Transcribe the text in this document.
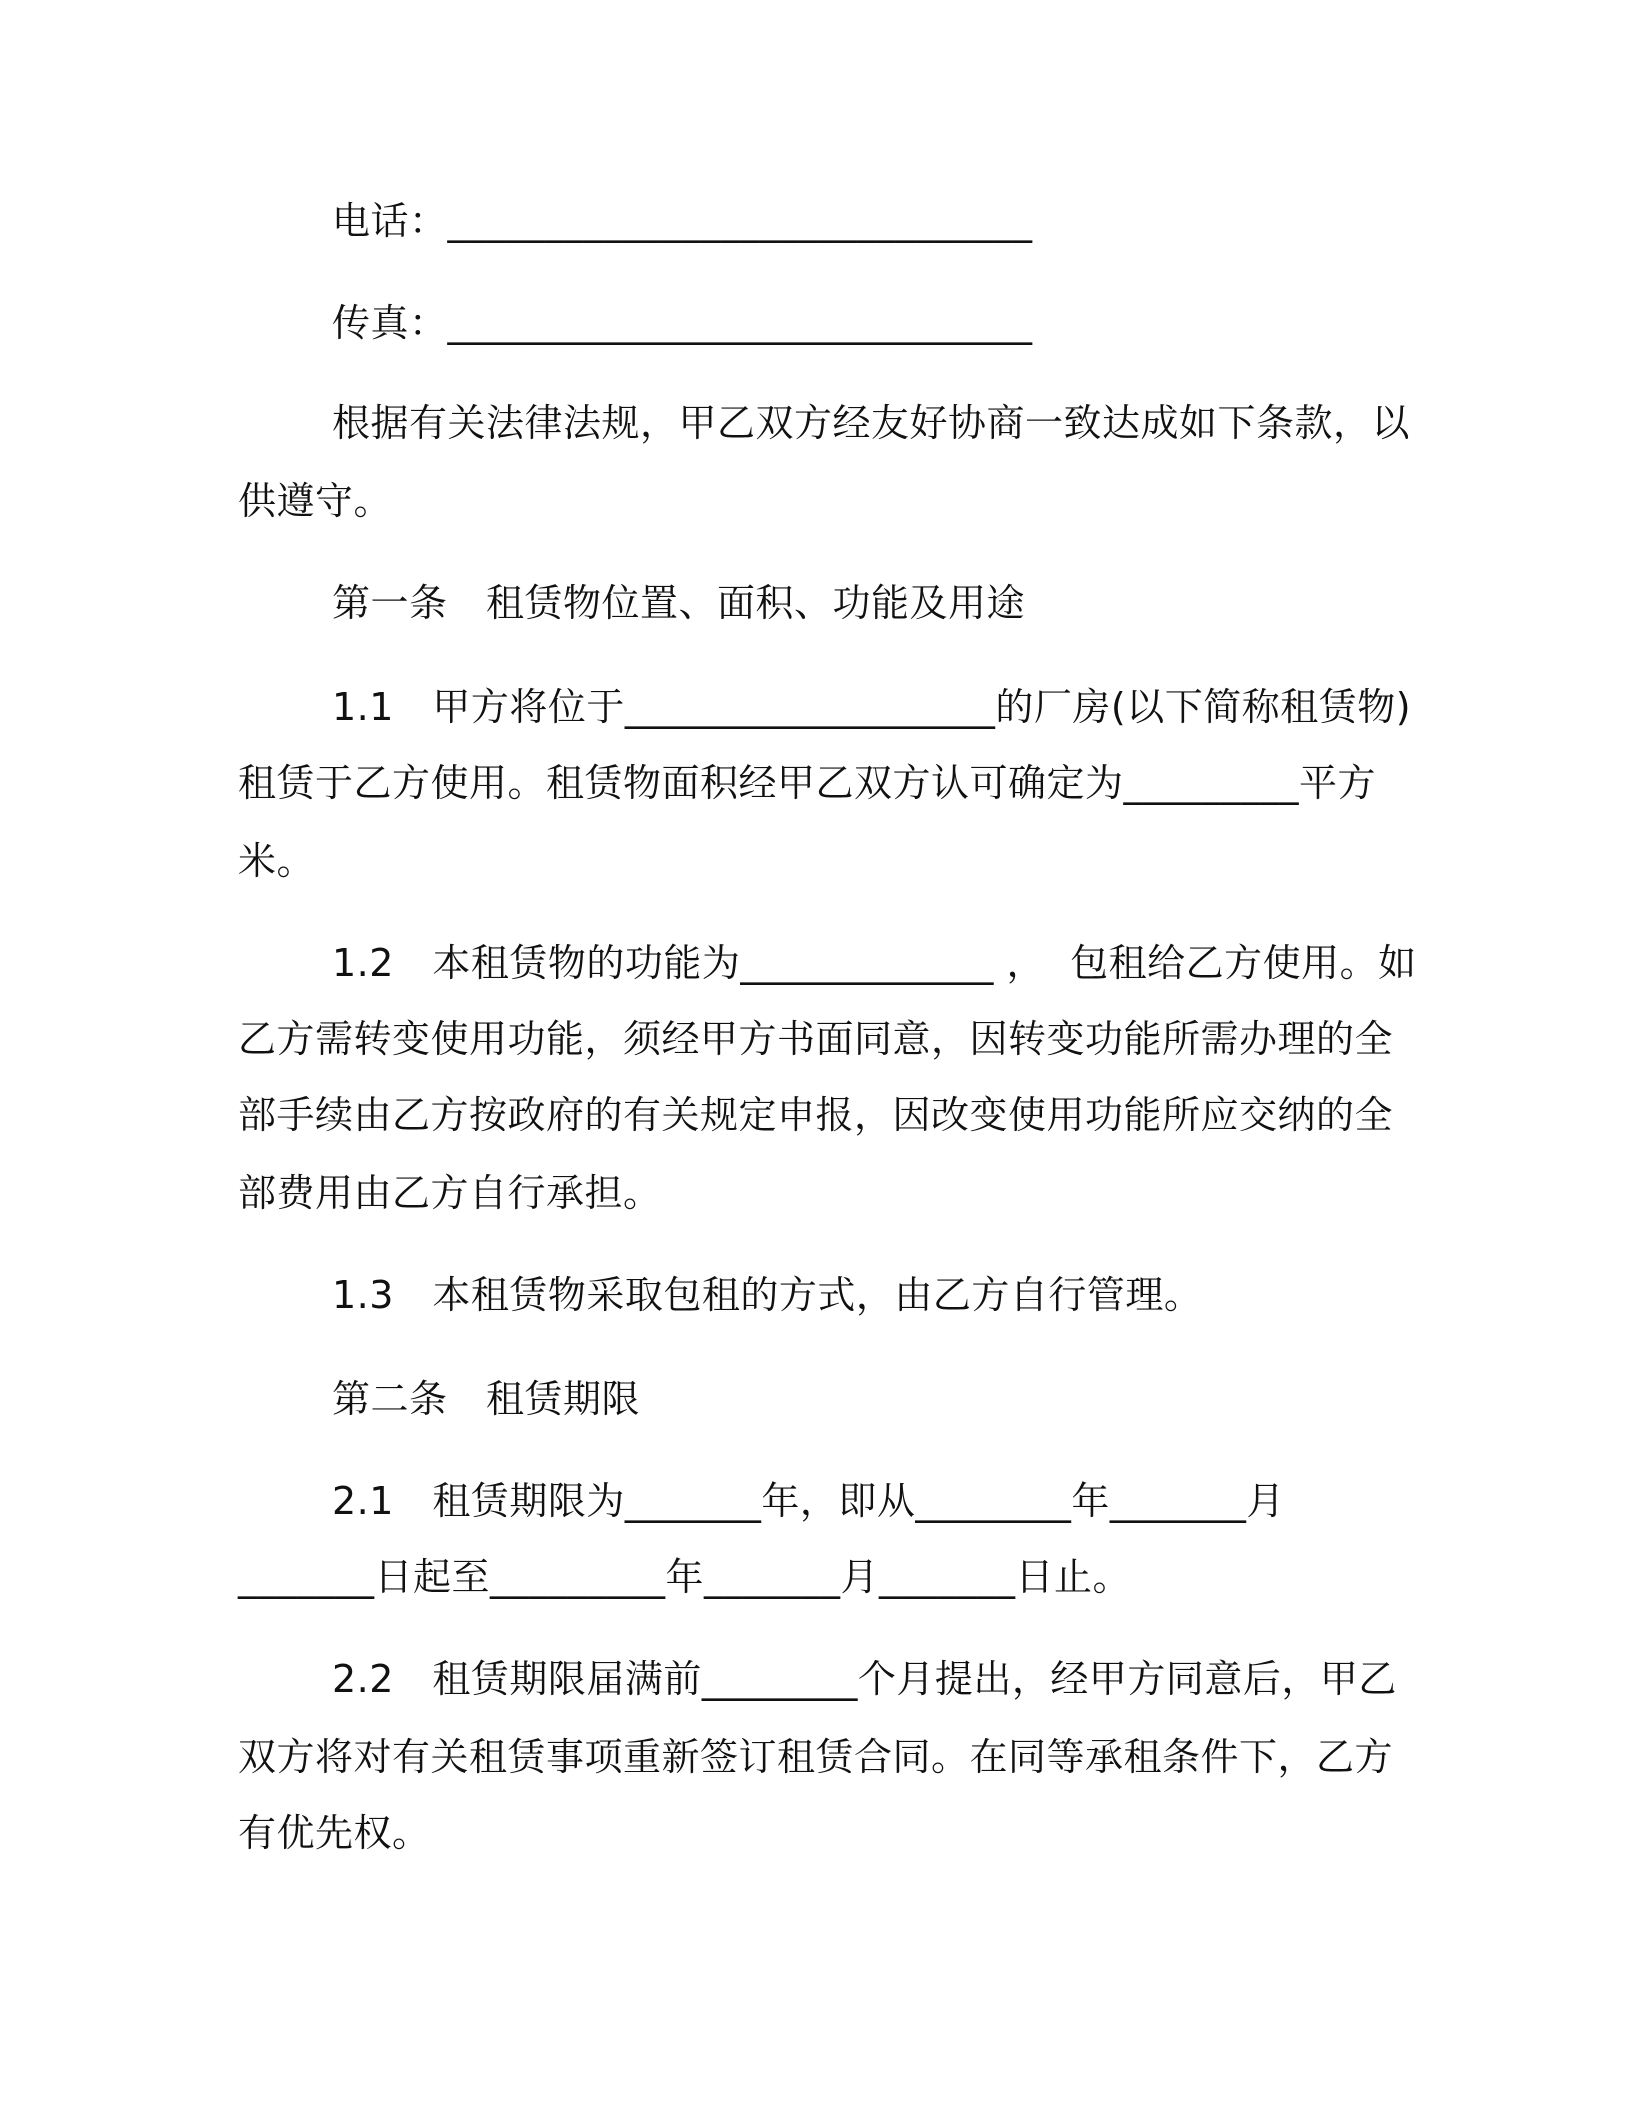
电话：______________________________
传真：______________________________
根据有关法律法规，甲乙双方经友好协商一致达成如下条款，以
供遵守。
第一条　租赁物位置、面积、功能及用途
1.1　甲方将位于___________________的厂房(以下简称租赁物)
租赁于乙方使用。租赁物面积经甲乙双方认可确定为_________平方
米。
1.2　本租赁物的功能为_____________ ，  包租给乙方使用。如
乙方需转变使用功能，须经甲方书面同意，因转变功能所需办理的全
部手续由乙方按政府的有关规定申报，因改变使用功能所应交纳的全
部费用由乙方自行承担。
1.3　本租赁物采取包租的方式，由乙方自行管理。
第二条　租赁期限
2.1　租赁期限为_______年，即从________年_______月
_______日起至_________年_______月_______日止。
2.2　租赁期限届满前________个月提出，经甲方同意后，甲乙
双方将对有关租赁事项重新签订租赁合同。在同等承租条件下，乙方
有优先权。
